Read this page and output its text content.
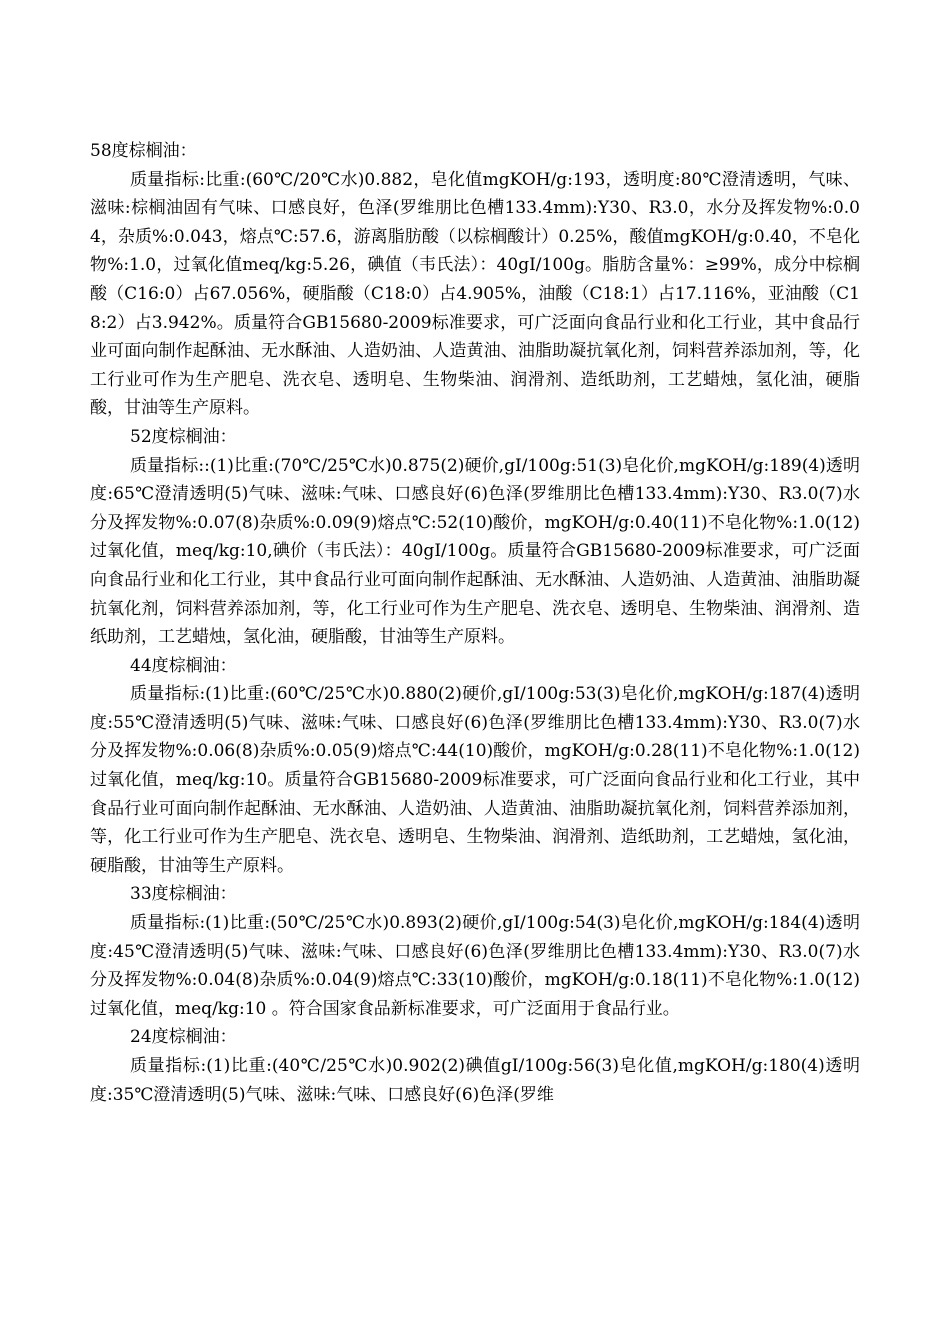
58度棕榈油：

质量指标:比重:(60℃/20℃水)0.882，皂化值mgKOH/g:193，透明度:80℃澄清透明，气味、滋味:棕榈油固有气味、口感良好，色泽(罗维朋比色槽133.4mm):Y30、R3.0，水分及挥发物%:0.04，杂质%:0.043，熔点℃:57.6，游离脂肪酸（以棕榈酸计）0.25%，酸值mgKOH/g:0.40，不皂化物%:1.0，过氧化值meq/kg:5.26，碘值（韦氏法）：40gI/100g。脂肪含量%：≥99%，成分中棕榈酸（C16:0）占67.056%，硬脂酸（C18:0）占4.905%，油酸（C18:1）占17.116%，亚油酸（C18:2）占3.942%。质量符合GB15680-2009标准要求，可广泛面向食品行业和化工行业，其中食品行业可面向制作起酥油、无水酥油、人造奶油、人造黄油、油脂助凝抗氧化剂，饲料营养添加剂，等，化工行业可作为生产肥皂、洗衣皂、透明皂、生物柴油、润滑剂、造纸助剂，工艺蜡烛，氢化油，硬脂酸，甘油等生产原料。

52度棕榈油：

质量指标::(1)比重:(70℃/25℃水)0.875(2)硬价,gI/100g:51(3)皂化价,mgKOH/g:189(4)透明度:65℃澄清透明(5)气味、滋味:气味、口感良好(6)色泽(罗维朋比色槽133.4mm):Y30、R3.0(7)水分及挥发物%:0.07(8)杂质%:0.09(9)熔点℃:52(10)酸价，mgKOH/g:0.40(11)不皂化物%:1.0(12)过氧化值，meq/kg:10,碘价（韦氏法）：40gI/100g。质量符合GB15680-2009标准要求，可广泛面向食品行业和化工行业，其中食品行业可面向制作起酥油、无水酥油、人造奶油、人造黄油、油脂助凝抗氧化剂，饲料营养添加剂，等，化工行业可作为生产肥皂、洗衣皂、透明皂、生物柴油、润滑剂、造纸助剂，工艺蜡烛，氢化油，硬脂酸，甘油等生产原料。

44度棕榈油：

质量指标:(1)比重:(60℃/25℃水)0.880(2)硬价,gI/100g:53(3)皂化价,mgKOH/g:187(4)透明度:55℃澄清透明(5)气味、滋味:气味、口感良好(6)色泽(罗维朋比色槽133.4mm):Y30、R3.0(7)水分及挥发物%:0.06(8)杂质%:0.05(9)熔点℃:44(10)酸价，mgKOH/g:0.28(11)不皂化物%:1.0(12)过氧化值，meq/kg:10。质量符合GB15680-2009标准要求，可广泛面向食品行业和化工行业，其中食品行业可面向制作起酥油、无水酥油、人造奶油、人造黄油、油脂助凝抗氧化剂，饲料营养添加剂，等，化工行业可作为生产肥皂、洗衣皂、透明皂、生物柴油、润滑剂、造纸助剂，工艺蜡烛，氢化油，硬脂酸，甘油等生产原料。

33度棕榈油：

质量指标:(1)比重:(50℃/25℃水)0.893(2)硬价,gI/100g:54(3)皂化价,mgKOH/g:184(4)透明度:45℃澄清透明(5)气味、滋味:气味、口感良好(6)色泽(罗维朋比色槽133.4mm):Y30、R3.0(7)水分及挥发物%:0.04(8)杂质%:0.04(9)熔点℃:33(10)酸价，mgKOH/g:0.18(11)不皂化物%:1.0(12)过氧化值，meq/kg:10 。符合国家食品新标准要求，可广泛面用于食品行业。

24度棕榈油：

质量指标:(1)比重:(40℃/25℃水)0.902(2)碘值gI/100g:56(3)皂化值,mgKOH/g:180(4)透明度:35℃澄清透明(5)气味、滋味:气味、口感良好(6)色泽(罗维
